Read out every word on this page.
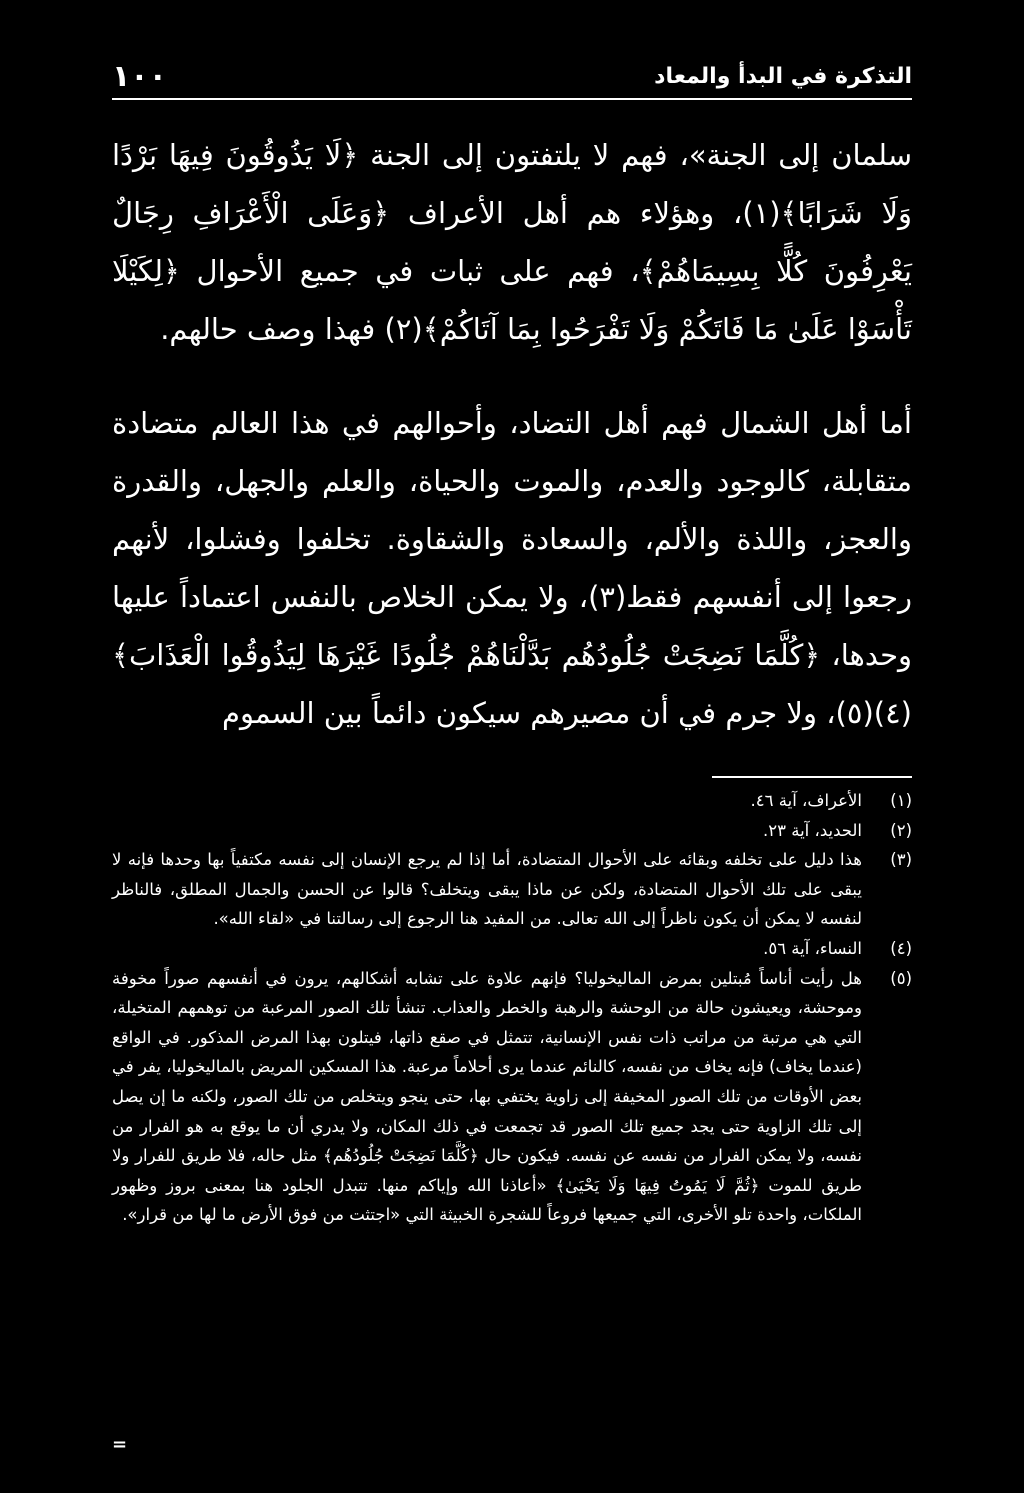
التذكرة في البدأ والمعاد
١٠٠

سلمان إلى الجنة»، فهم لا يلتفتون إلى الجنة ﴿لَا يَذُوقُونَ فِيهَا بَرْدًا وَلَا شَرَابًا﴾(١)، وهؤلاء هم أهل الأعراف ﴿وَعَلَى الْأَعْرَافِ رِجَالٌ يَعْرِفُونَ كُلًّا بِسِيمَاهُمْ﴾، فهم على ثبات في جميع الأحوال ﴿لِكَيْلَا تَأْسَوْا عَلَىٰ مَا فَاتَكُمْ وَلَا تَفْرَحُوا بِمَا آتَاكُمْ﴾(٢) فهذا وصف حالهم.

أما أهل الشمال فهم أهل التضاد، وأحوالهم في هذا العالم متضادة متقابلة، كالوجود والعدم، والموت والحياة، والعلم والجهل، والقدرة والعجز، واللذة والألم، والسعادة والشقاوة. تخلفوا وفشلوا، لأنهم رجعوا إلى أنفسهم فقط(٣)، ولا يمكن الخلاص بالنفس اعتماداً عليها وحدها، ﴿كُلَّمَا نَضِجَتْ جُلُودُهُم بَدَّلْنَاهُمْ جُلُودًا غَيْرَهَا لِيَذُوقُوا الْعَذَابَ﴾(٤)(٥)، ولا جرم في أن مصيرهم سيكون دائماً بين السموم

(١)
الأعراف، آية ٤٦.
(٢)
الحديد، آية ٢٣.
(٣)
هذا دليل على تخلفه وبقائه على الأحوال المتضادة، أما إذا لم يرجع الإنسان إلى نفسه مكتفياً بها وحدها فإنه لا يبقى على تلك الأحوال المتضادة، ولكن عن ماذا يبقى ويتخلف؟ قالوا عن الحسن والجمال المطلق، فالناظر لنفسه لا يمكن أن يكون ناظراً إلى الله تعالى. من المفيد هنا الرجوع إلى رسالتنا في «لقاء الله».
(٤)
النساء، آية ٥٦.
(٥)
هل رأيت أناساً مُبتلين بمرض الماليخوليا؟ فإنهم علاوة على تشابه أشكالهم، يرون في أنفسهم صوراً مخوفة وموحشة، ويعيشون حالة من الوحشة والرهبة والخطر والعذاب. تنشأ تلك الصور المرعبة من توهمهم المتخيلة، التي هي مرتبة من مراتب ذات نفس الإنسانية، تتمثل في صقع ذاتها، فيتلون بهذا المرض المذكور. في الواقع (عندما يخاف) فإنه يخاف من نفسه، كالنائم عندما يرى أحلاماً مرعبة. هذا المسكين المريض بالماليخوليا، يفر في بعض الأوقات من تلك الصور المخيفة إلى زاوية يختفي بها، حتى ينجو ويتخلص من تلك الصور، ولكنه ما إن يصل إلى تلك الزاوية حتى يجد جميع تلك الصور قد تجمعت في ذلك المكان، ولا يدري أن ما يوقع به هو الفرار من نفسه، ولا يمكن الفرار من نفسه عن نفسه. فيكون حال ﴿كُلَّمَا نَضِجَتْ جُلُودُهُم﴾ مثل حاله، فلا طريق للفرار ولا طريق للموت ﴿ثُمَّ لَا يَمُوتُ فِيهَا وَلَا يَحْيَىٰ﴾ «أعاذنا الله وإياكم منها. تتبدل الجلود هنا بمعنى بروز وظهور الملكات، واحدة تلو الأخرى، التي جميعها فروعاً للشجرة الخبيثة التي «اجتثت من فوق الأرض ما لها من قرار».
=
